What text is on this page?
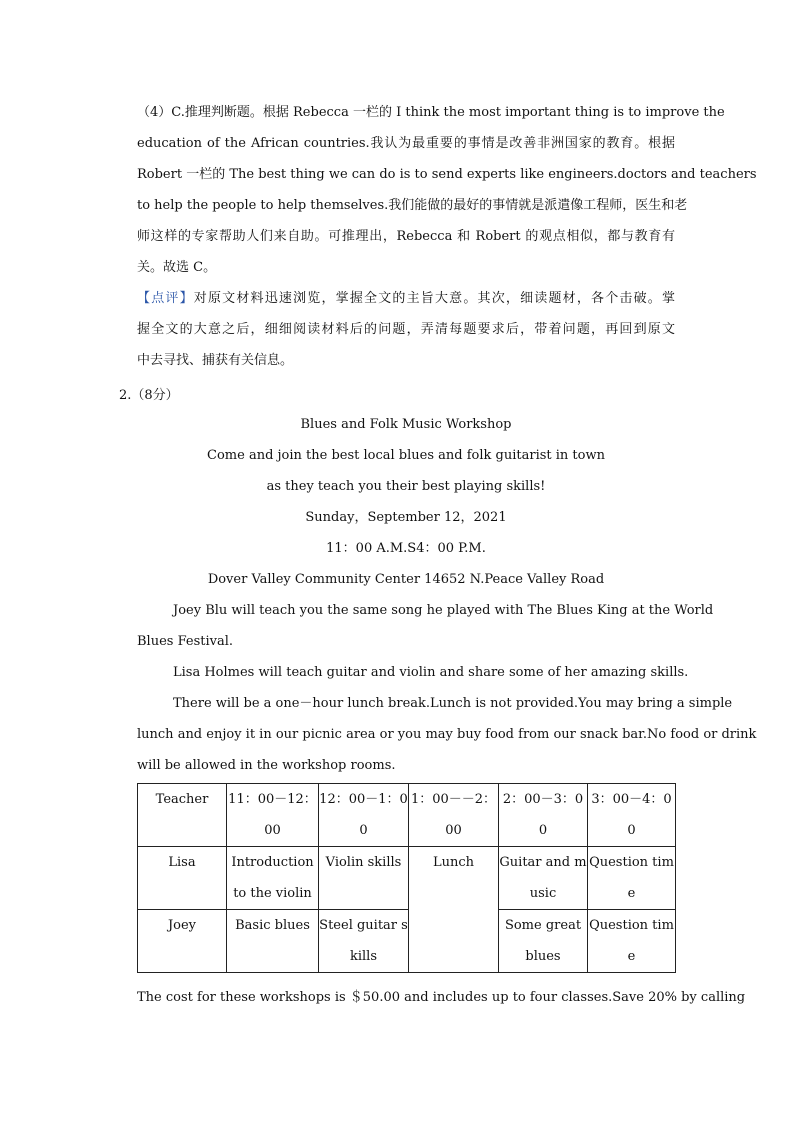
（4）C.推理判断题。根据 Rebecca 一栏的 I think the most important thing is to improve the
education of the African countries.我认为最重要的事情是改善非洲国家的教育。根据
Robert 一栏的 The best thing we can do is to send experts like engineers.doctors and teachers
to help the people to help themselves.我们能做的最好的事情就是派遣像工程师，医生和老
师这样的专家帮助人们来自助。可推理出，Rebecca 和 Robert 的观点相似，都与教育有
关。故选 C。
【点评】对原文材料迅速浏览，掌握全文的主旨大意。其次，细读题材，各个击破。掌
握全文的大意之后，细细阅读材料后的问题，弄清每题要求后，带着问题，再回到原文
中去寻找、捕获有关信息。
2.（8分）
Blues and Folk Music Workshop
Come and join the best local blues and folk guitarist in town
as they teach you their best playing skills!
Sunday，September 12，2021
11：00 A.M.S4：00 P.M.
Dover Valley Community Center 14652 N.Peace Valley Road
Joey Blu will teach you the same song he played with The Blues King at the World
Blues Festival.
Lisa Holmes will teach guitar and violin and share some of her amazing skills.
There will be a one－hour lunch break.Lunch is not provided.You may bring a simple
lunch and enjoy it in our picnic area or you may buy food from our snack bar.No food or drink
will be allowed in the workshop rooms.
Teacher	11：00－12：00	12：00－1：00	1：00－－2：00	2：00－3：00	3：00－4：00
Lisa	Introduction to the violin	Violin skills	Lunch	Guitar and music	Question time
Joey	Basic blues	Steel guitar skills		Some great blues	Question time
The cost for these workshops is ＄50.00 and includes up to four classes.Save 20% by calling
